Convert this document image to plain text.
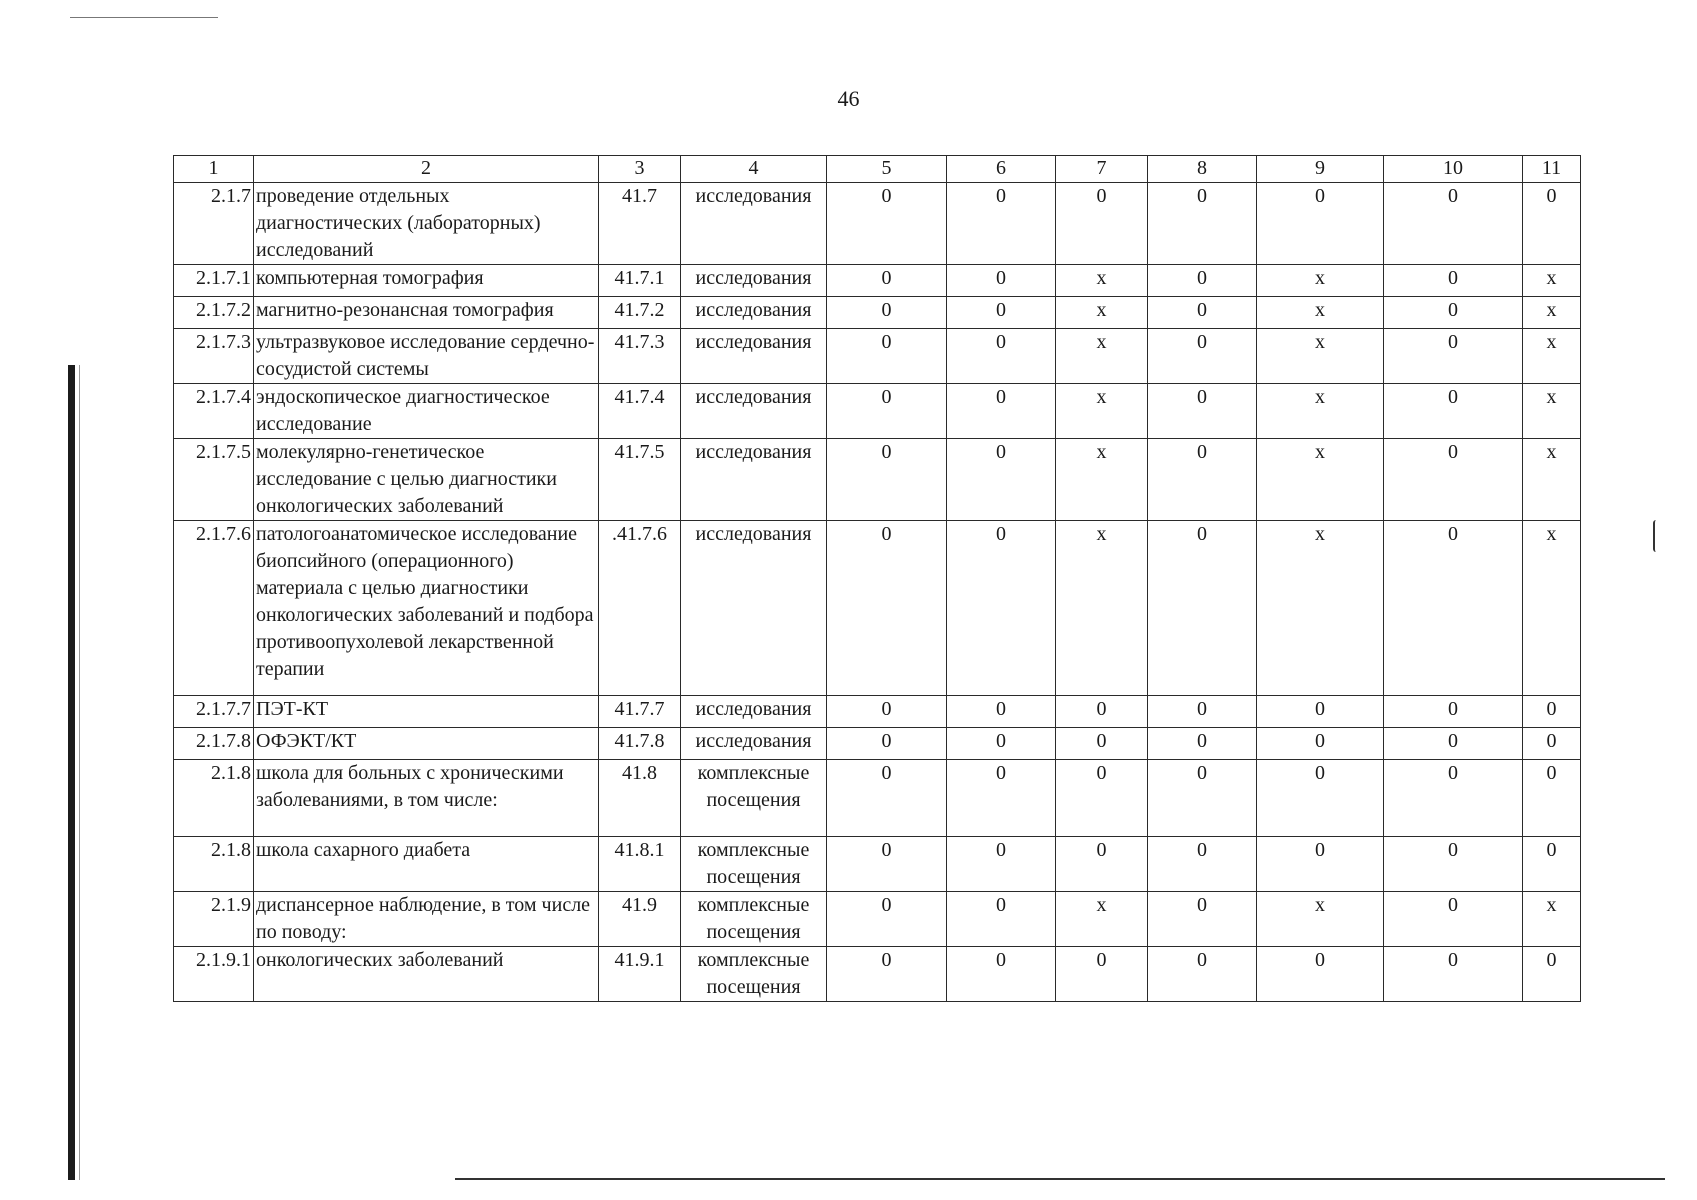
46
1	2	3	4	5	6	7	8	9	10	11
2.1.7	проведение отдельных диагностических (лабораторных) исследований	41.7	исследования	0	0	0	0	0	0	0
2.1.7.1	компьютерная томография	41.7.1	исследования	0	0	х	0	х	0	х
2.1.7.2	магнитно-резонансная томография	41.7.2	исследования	0	0	х	0	х	0	х
2.1.7.3	ультразвуковое исследование сердечно-сосудистой системы	41.7.3	исследования	0	0	х	0	х	0	х
2.1.7.4	эндоскопическое диагностическое исследование	41.7.4	исследования	0	0	х	0	х	0	х
2.1.7.5	молекулярно-генетическое исследование с целью диагностики онкологических заболеваний	41.7.5	исследования	0	0	х	0	х	0	х
2.1.7.6	патологоанатомическое исследование биопсийного (операционного) материала с целью диагностики онкологических заболеваний и подбора противоопухолевой лекарственной терапии	.41.7.6	исследования	0	0	х	0	х	0	х
2.1.7.7	ПЭТ-КТ	41.7.7	исследования	0	0	0	0	0	0	0
2.1.7.8	ОФЭКТ/КТ	41.7.8	исследования	0	0	0	0	0	0	0
2.1.8	школа для больных с хроническими заболеваниями, в том числе:	41.8	комплексные посещения	0	0	0	0	0	0	0
2.1.8	школа сахарного диабета	41.8.1	комплексные посещения	0	0	0	0	0	0	0
2.1.9	диспансерное наблюдение, в том числе по поводу:	41.9	комплексные посещения	0	0	х	0	х	0	х
2.1.9.1	онкологических заболеваний	41.9.1	комплексные посещения	0	0	0	0	0	0	0
